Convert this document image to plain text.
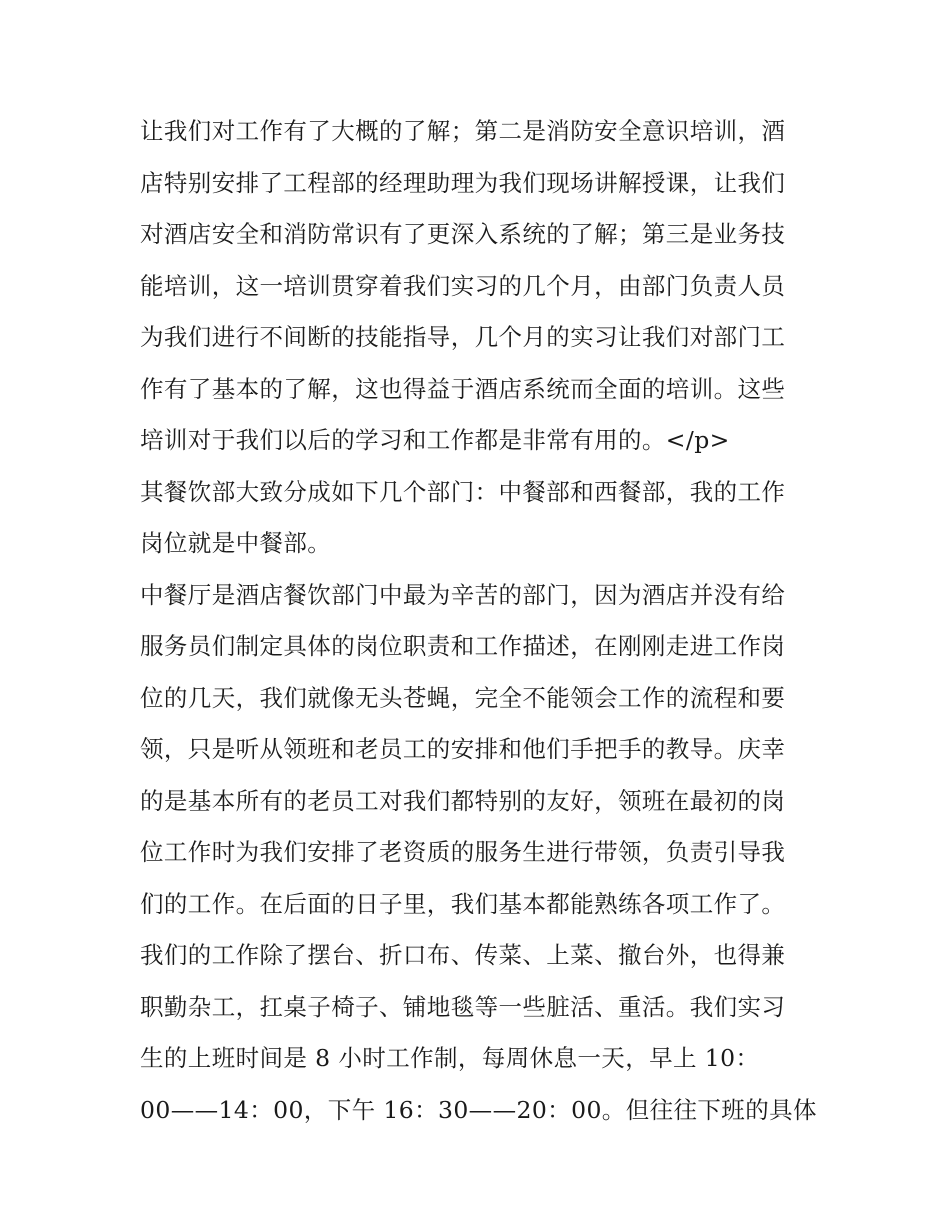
让我们对工作有了大概的了解；第二是消防安全意识培训，酒
店特别安排了工程部的经理助理为我们现场讲解授课，让我们
对酒店安全和消防常识有了更深入系统的了解；第三是业务技
能培训，这一培训贯穿着我们实习的几个月，由部门负责人员
为我们进行不间断的技能指导，几个月的实习让我们对部门工
作有了基本的了解，这也得益于酒店系统而全面的培训。这些
培训对于我们以后的学习和工作都是非常有用的。</p>
其餐饮部大致分成如下几个部门：中餐部和西餐部，我的工作
岗位就是中餐部。
中餐厅是酒店餐饮部门中最为辛苦的部门，因为酒店并没有给
服务员们制定具体的岗位职责和工作描述，在刚刚走进工作岗
位的几天，我们就像无头苍蝇，完全不能领会工作的流程和要
领，只是听从领班和老员工的安排和他们手把手的教导。庆幸
的是基本所有的老员工对我们都特别的友好，领班在最初的岗
位工作时为我们安排了老资质的服务生进行带领，负责引导我
们的工作。在后面的日子里，我们基本都能熟练各项工作了。
我们的工作除了摆台、折口布、传菜、上菜、撤台外，也得兼
职勤杂工，扛桌子椅子、铺地毯等一些脏活、重活。我们实习
生的上班时间是 8 小时工作制，每周休息一天，早上 10：
00——14：00，下午 16：30——20：00。但往往下班的具体
